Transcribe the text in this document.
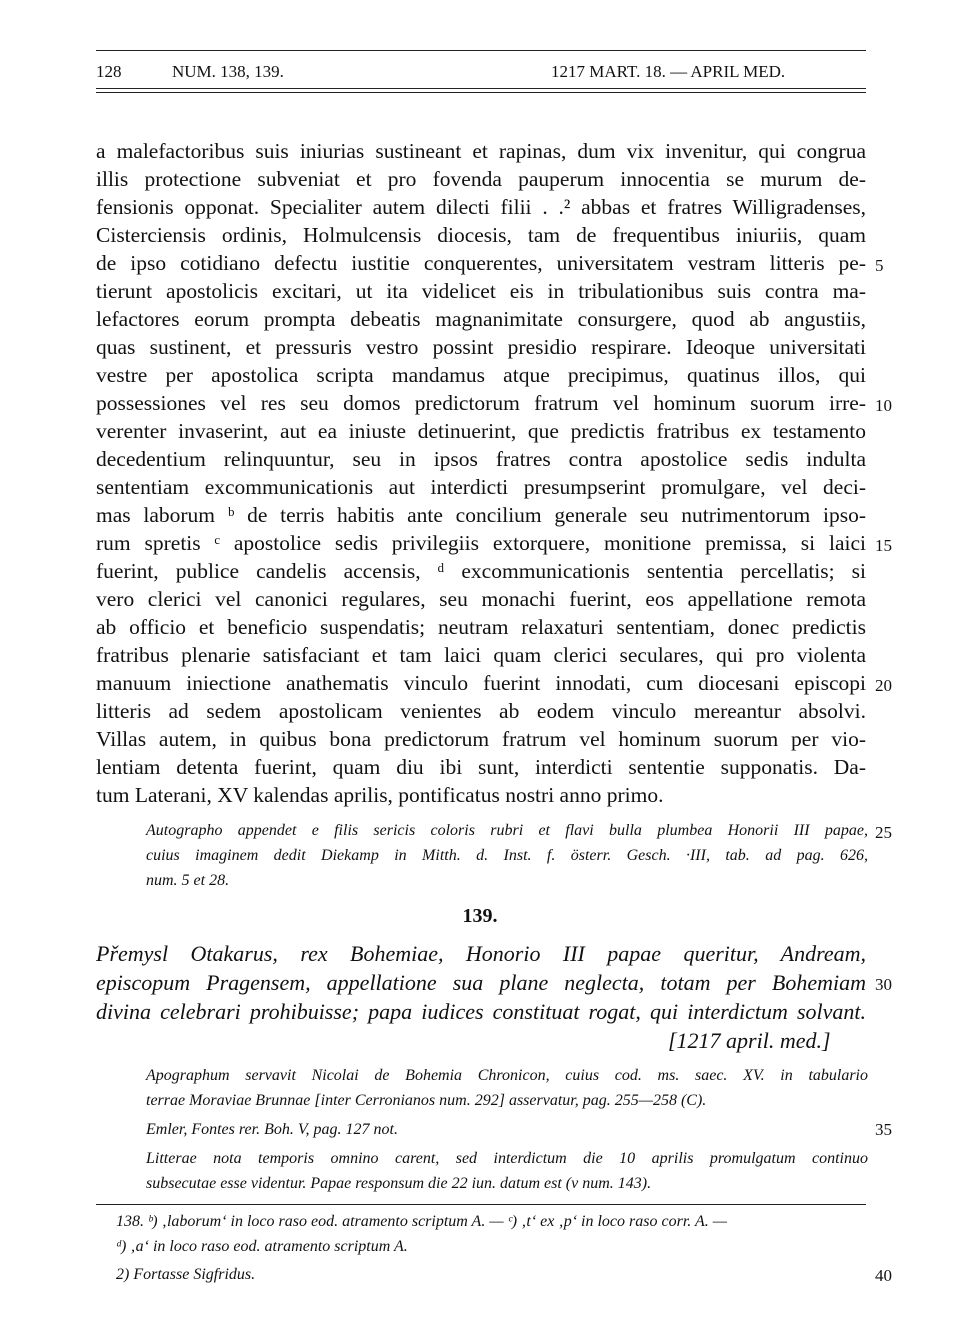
128	NUM. 138, 139.	1217 MART. 18. — APRIL MED.
a malefactoribus suis iniurias sustineant et rapinas, dum vix invenitur, qui congrua
illis protectione subveniat et pro fovenda pauperum innocentia se murum de-
fensionis opponat. Specialiter autem dilecti filii . .² abbas et fratres Willigradenses,
Cisterciensis ordinis, Holmulcensis diocesis, tam de frequentibus iniuriis, quam
de ipso cotidiano defectu iustitie conquerentes, universitatem vestram litteris pe-
tierunt apostolicis excitari, ut ita videlicet eis in tribulationibus suis contra ma-
lefactores eorum prompta debeatis magnanimitate consurgere, quod ab angustiis,
quas sustinent, et pressuris vestro possint presidio respirare. Ideoque universitati
vestre per apostolica scripta mandamus atque precipimus, quatinus illos, qui
possessiones vel res seu domos predictorum fratrum vel hominum suorum irre-
verenter invaserint, aut ea iniuste detinuerint, que predictis fratribus ex testamento
decedentium relinquuntur, seu in ipsos fratres contra apostolice sedis indulta
sententiam excommunicationis aut interdicti presumpserint promulgare, vel deci-
mas laborum ᵇ de terris habitis ante concilium generale seu nutrimentorum ipso-
rum spretis ᶜ apostolice sedis privilegiis extorquere, monitione premissa, si laici
fuerint, publice candelis accensis, ᵈ excommunicationis sententia percellatis; si
vero clerici vel canonici regulares, seu monachi fuerint, eos appellatione remota
ab officio et beneficio suspendatis; neutram relaxaturi sententiam, donec predictis
fratribus plenarie satisfaciant et tam laici quam clerici seculares, qui pro violenta
manuum iniectione anathematis vinculo fuerint innodati, cum diocesani episcopi
litteris ad sedem apostolicam venientes ab eodem vinculo mereantur absolvi.
Villas autem, in quibus bona predictorum fratrum vel hominum suorum per vio-
lentiam detenta fuerint, quam diu ibi sunt, interdicti sententie supponatis. Da-
tum Laterani, XV kalendas aprilis, pontificatus nostri anno primo.
5
10
15
20
25
30
35
40
Autographo appendet e filis sericis coloris rubri et flavi bulla plumbea Honorii III papae,
cuius imaginem dedit Diekamp in Mitth. d. Inst. f. österr. Gesch. ·III, tab. ad pag. 626,
num. 5 et 28.
139.
Přemysl Otakarus, rex Bohemiae, Honorio III papae queritur, Andream,
episcopum Pragensem, appellatione sua plane neglecta, totam per Bohemiam
divina celebrari prohibuisse; papa iudices constituat rogat, qui interdictum solvant.
[1217 april. med.]
Apographum servavit Nicolai de Bohemia Chronicon, cuius cod. ms. saec. XV. in tabulario
terrae Moraviae Brunnae [inter Cerronianos num. 292] asservatur, pag. 255—258 (C).
Emler, Fontes rer. Boh. V, pag. 127 not.
Litterae nota temporis omnino carent, sed interdictum die 10 aprilis promulgatum continuo
subsecutae esse videntur. Papae responsum die 22 iun. datum est (v num. 143).
138. ᵇ) ‚laborum‘ in loco raso eod. atramento scriptum A. — ᶜ) ‚t‘ ex ‚p‘ in loco raso corr. A. —
ᵈ) ‚a‘ in loco raso eod. atramento scriptum A.
2) Fortasse Sigfridus.
